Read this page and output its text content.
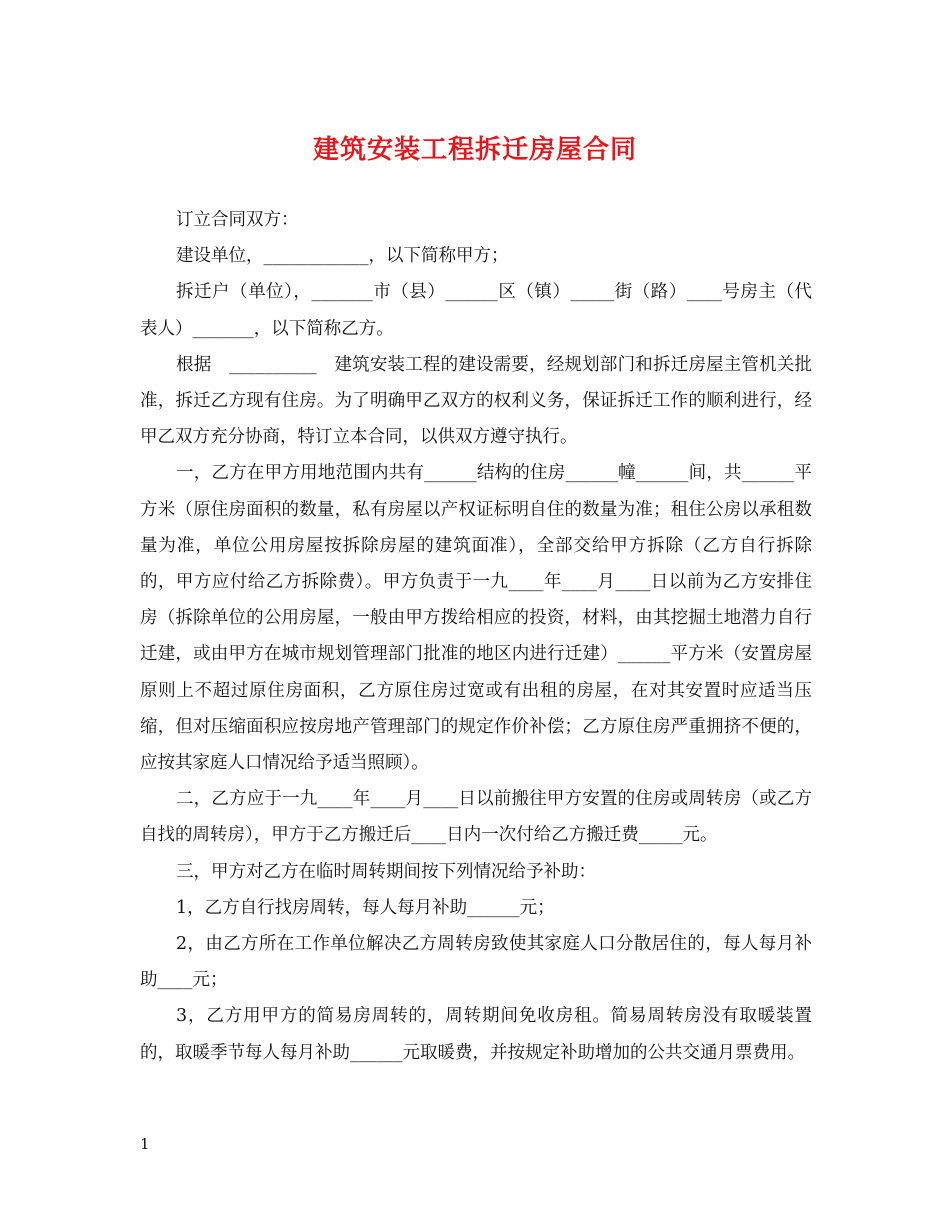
建筑安装工程拆迁房屋合同

订立合同双方：

建设单位，____________，以下简称甲方；

拆迁户（单位），_______市（县）______区（镇）_____街（路）____号房主（代表人）_______，以下简称乙方。

根据　__________　建筑安装工程的建设需要，经规划部门和拆迁房屋主管机关批准，拆迁乙方现有住房。为了明确甲乙双方的权利义务，保证拆迁工作的顺利进行，经甲乙双方充分协商，特订立本合同，以供双方遵守执行。

一，乙方在甲方用地范围内共有______结构的住房______幢______间，共______平方米（原住房面积的数量，私有房屋以产权证标明自住的数量为准；租住公房以承租数量为准，单位公用房屋按拆除房屋的建筑面准），全部交给甲方拆除（乙方自行拆除的，甲方应付给乙方拆除费）。甲方负责于一九____年____月____日以前为乙方安排住房（拆除单位的公用房屋，一般由甲方拨给相应的投资，材料，由其挖掘土地潜力自行迁建，或由甲方在城市规划管理部门批准的地区内进行迁建）______平方米（安置房屋原则上不超过原住房面积，乙方原住房过宽或有出租的房屋，在对其安置时应适当压缩，但对压缩面积应按房地产管理部门的规定作价补偿；乙方原住房严重拥挤不便的，应按其家庭人口情况给予适当照顾）。

二，乙方应于一九____年____月____日以前搬往甲方安置的住房或周转房（或乙方自找的周转房），甲方于乙方搬迁后____日内一次付给乙方搬迁费_____元。

三，甲方对乙方在临时周转期间按下列情况给予补助：

1，乙方自行找房周转，每人每月补助______元；

2，由乙方所在工作单位解决乙方周转房致使其家庭人口分散居住的，每人每月补助____元；

3，乙方用甲方的简易房周转的，周转期间免收房租。简易周转房没有取暖装置的，取暖季节每人每月补助______元取暖费，并按规定补助增加的公共交通月票费用。

1
